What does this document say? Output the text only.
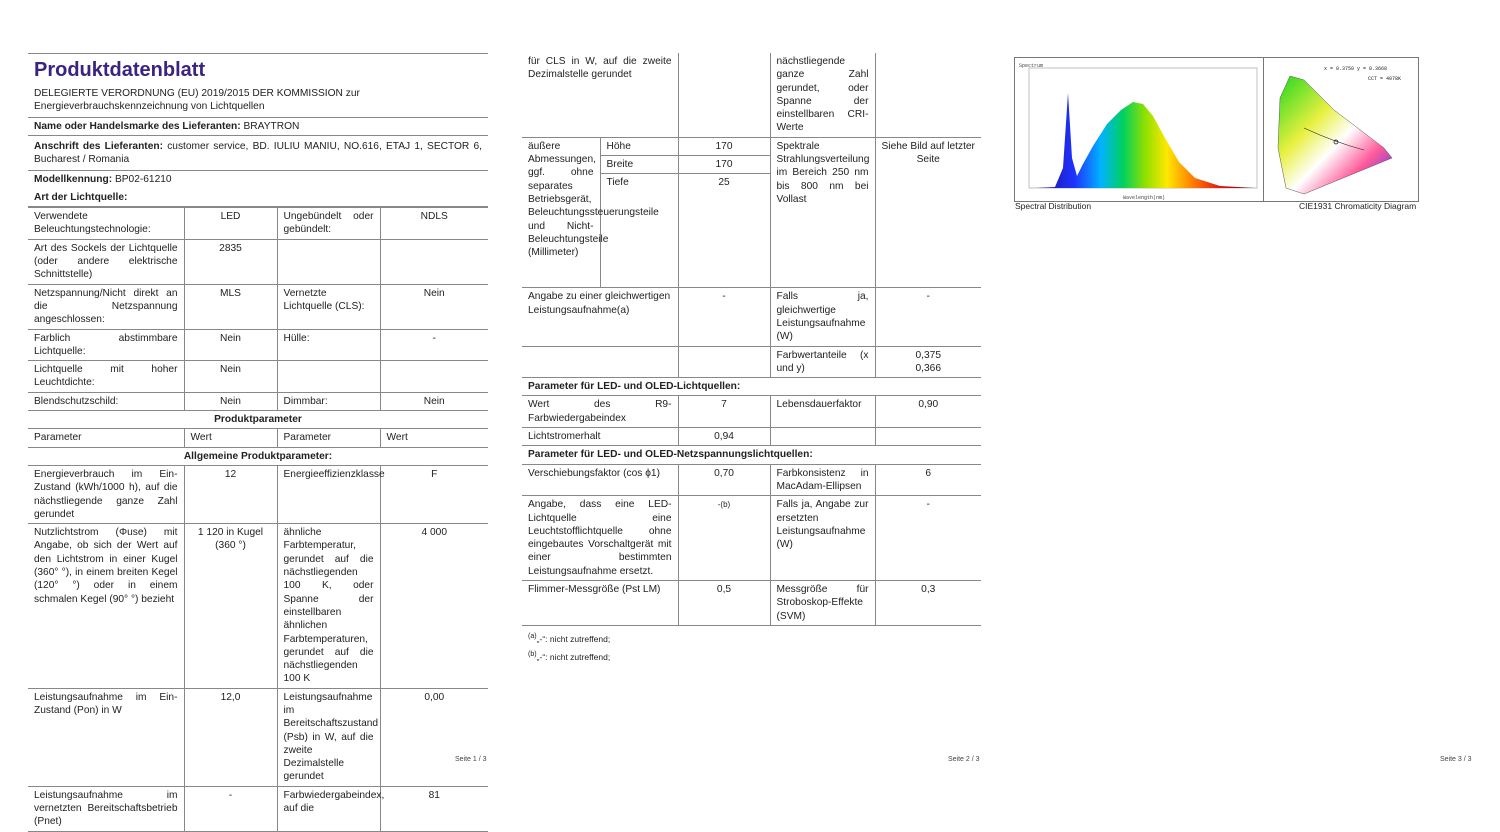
Produktdatenblatt
DELEGIERTE VERORDNUNG (EU) 2019/2015 DER KOMMISSION zur Energieverbrauchskennzeichnung von Lichtquellen
Name oder Handelsmarke des Lieferanten: BRAYTRON
Anschrift des Lieferanten: customer service, BD. IULIU MANIU, NO.616, ETAJ 1, SECTOR 6, Bucharest / Romania
Modellkennung: BP02-61210
Art der Lichtquelle:
Verwendete Beleuchtungstechnologie:	LED	Ungebündelt oder gebündelt:	NDLS
Art des Sockels der Lichtquelle (oder andere elektrische Schnittstelle)	2835		
Netzspannung/Nicht direkt an die Netzspannung angeschlossen:	MLS	Vernetzte Lichtquelle (CLS):	Nein
Farblich abstimmbare Lichtquelle:	Nein	Hülle:	-
Lichtquelle mit hoher Leuchtdichte:	Nein		
Blendschutzschild:	Nein	Dimmbar:	Nein
Produktparameter			
Parameter	Wert	Parameter	Wert
Allgemeine Produktparameter:			
Energieverbrauch im Ein-Zustand (kWh/1000 h), auf die nächstliegende ganze Zahl gerundet	12	Energieeffizienzklasse	F
Nutzlichtstrom (Φuse) mit Angabe, ob sich der Wert auf den Lichtstrom in einer Kugel (360° °), in einem breiten Kegel (120° °) oder in einem schmalen Kegel (90° °) bezieht	1 120 in Kugel (360 °)	ähnliche Farbtemperatur, gerundet auf die nächstliegenden 100 K, oder Spanne der einstellbaren ähnlichen Farbtemperaturen, gerundet auf die nächstliegenden 100 K	4 000
Leistungsaufnahme im Ein-Zustand (Pon) in W	12,0	Leistungsaufnahme im Bereitschaftszustand (Psb) in W, auf die zweite Dezimalstelle gerundet	0,00
Leistungsaufnahme im vernetzten Bereitschaftsbetrieb (Pnet)	-	Farbwiedergabeindex, auf die	81
Seite 1 / 3
für CLS in W, auf die zweite Dezimalstelle gerundet			nächstliegende ganze Zahl gerundet, oder Spanne der einstellbaren CRI-Werte	
äußere Abmessungen, ggf. ohne separates Betriebsgerät, Beleuchtungssteuerungsteile und Nicht-Beleuchtungsteile (Millimeter)	Höhe	170	Spektrale Strahlungsverteilung im Bereich 250 nm bis 800 nm bei Vollast	Siehe Bild auf letzter Seite
	Breite	170		
	Tiefe	25		
Angabe zu einer gleichwertigen Leistungsaufnahme(a)		-	Falls ja, gleichwertige Leistungsaufnahme (W)	-
			Farbwertanteile (x und y)	0,375
0,366
Parameter für LED- und OLED-Lichtquellen:				
Wert des R9-Farbwiedergabeindex		7	Lebensdauerfaktor	0,90
Lichtstromerhalt		0,94		
Parameter für LED- und OLED-Netzspannungslichtquellen:				
Verschiebungsfaktor (cos ϕ1)		0,70	Farbkonsistenz in MacAdam-Ellipsen	6
Angabe, dass eine LED-Lichtquelle eine Leuchtstofflichtquelle ohne eingebautes Vorschaltgerät mit einer bestimmten Leistungsaufnahme ersetzt.		-(b)	Falls ja, Angabe zur ersetzten Leistungsaufnahme (W)	-
Flimmer-Messgröße (Pst LM)		0,5	Messgröße für Stroboskop-Effekte (SVM)	0,3
$^{(a)}$„-“: nicht zutreffend;
$^{(b)}$„-“: nicht zutreffend;
Seite 2 / 3
Spectrum
Wavelength(nm)
x = 0.3750 y = 0.3668
CCT = 4078K
Spectral Distribution	CIE1931 Chromaticity Diagram
Seite 3 / 3
